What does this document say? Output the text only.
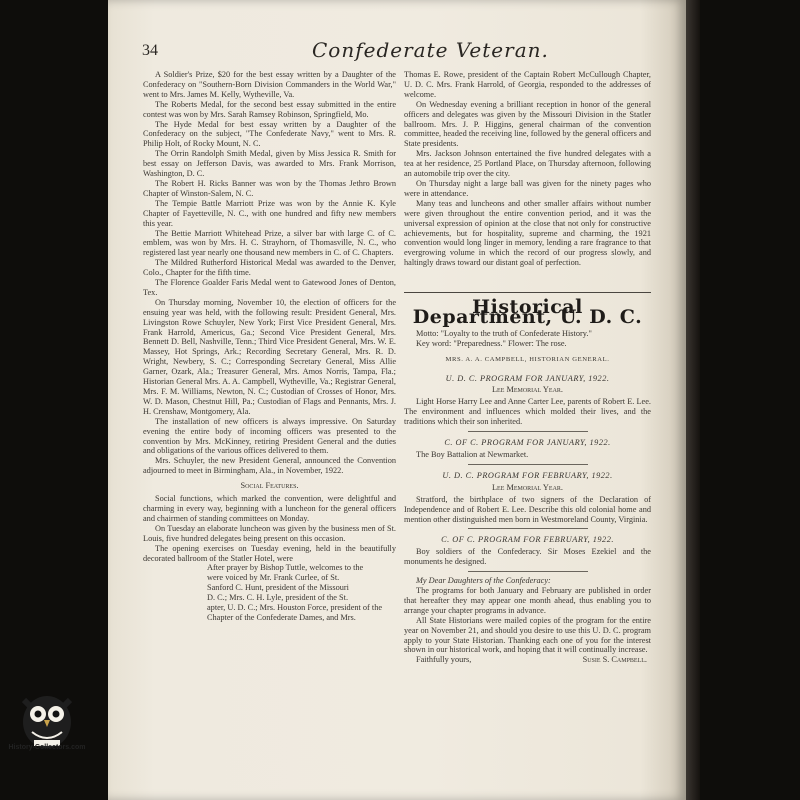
34	Confederate Veteran.

A Soldier's Prize, $20 for the best essay written by a Daughter of the Confederacy on "Southern-Born Division Commanders in the World War," went to Mrs. James M. Kelly, Wytheville, Va.

The Roberts Medal, for the second best essay submitted in the entire contest was won by Mrs. Sarah Ramsey Robinson, Springfield, Mo.

The Hyde Medal for best essay written by a Daughter of the Confederacy on the subject, "The Confederate Navy," went to Mrs. R. Philip Holt, of Rocky Mount, N. C.

The Orrin Randolph Smith Medal, given by Miss Jessica R. Smith for best essay on Jefferson Davis, was awarded to Mrs. Frank Morrison, Washington, D. C.

The Robert H. Ricks Banner was won by the Thomas Jethro Brown Chapter of Winston-Salem, N. C.

The Tempie Battle Marriott Prize was won by the Annie K. Kyle Chapter of Fayetteville, N. C., with one hundred and fifty new members this year.

The Bettie Marriott Whitehead Prize, a silver bar with large C. of C. emblem, was won by Mrs. H. C. Strayhorn, of Thomasville, N. C., who registered last year nearly one thousand new members in C. of C. Chapters.

The Mildred Rutherford Historical Medal was awarded to the Denver, Colo., Chapter for the fifth time.

The Florence Goalder Faris Medal went to Gatewood Jones of Denton, Tex.

On Thursday morning, November 10, the election of officers for the ensuing year was held, with the following result: President General, Mrs. Livingston Rowe Schuyler, New York; First Vice President General, Mrs. Frank Harrold, Americus, Ga.; Second Vice President General, Mrs. Bennett D. Bell, Nashville, Tenn.; Third Vice President General, Mrs. W. E. Massey, Hot Springs, Ark.; Recording Secretary General, Mrs. R. D. Wright, Newbery, S. C.; Corresponding Secretary General, Miss Allie Garner, Ozark, Ala.; Treasurer General, Mrs. Amos Norris, Tampa, Fla.; Historian General Mrs. A. A. Campbell, Wytheville, Va.; Registrar General, Mrs. F. M. Williams, Newton, N. C.; Custodian of Crosses of Honor, Mrs. W. D. Mason, Chestnut Hill, Pa.; Custodian of Flags and Pennants, Mrs. J. H. Crenshaw, Montgomery, Ala.

The installation of new officers is always impressive. On Saturday evening the entire body of incoming officers was presented to the convention by Mrs. McKinney, retiring President General and the duties and obligations of the various offices delivered to them.

Mrs. Schuyler, the new President General, announced the Convention adjourned to meet in Birmingham, Ala., in November, 1922.

Social Features.

Social functions, which marked the convention, were delightful and charming in every way, beginning with a luncheon for the general officers and chairmen of standing committees on Monday.

On Tuesday an elaborate luncheon was given by the business men of St. Louis, five hundred delegates being present on this occasion.

The opening exercises on Tuesday evening, held in the beautifully decorated ballroom of the Statler Hotel, were

After prayer by Bishop Tuttle, welcomes to the
were voiced by Mr. Frank Curlee, of St.
Sanford C. Hunt, president of the Missouri
D. C.; Mrs. C. H. Lyle, president of the St.
apter, U. D. C.; Mrs. Houston Force, president of the
Chapter of the Confederate Dames, and Mrs.

Thomas E. Rowe, president of the Captain Robert McCullough Chapter, U. D. C. Mrs. Frank Harrold, of Georgia, responded to the addresses of welcome.

On Wednesday evening a brilliant reception in honor of the general officers and delegates was given by the Missouri Division in the Statler ballroom. Mrs. J. P. Higgins, general chairman of the convention committee, headed the receiving line, followed by the general officers and State presidents.

Mrs. Jackson Johnson entertained the five hundred delegates with a tea at her residence, 25 Portland Place, on Thursday afternoon, following an automobile trip over the city.

On Thursday night a large ball was given for the ninety pages who were in attendance.

Many teas and luncheons and other smaller affairs without number were given throughout the entire convention period, and it was the universal expression of opinion at the close that not only for constructive achievements, but for hospitality, supreme and charming, the 1921 convention would long linger in memory, lending a rare fragrance to that evergrowing volume in which the record of our progress slowly, and haltingly draws toward our distant goal of perfection.

Historical Department, U. D. C.

Motto: "Loyalty to the truth of Confederate History."

Key word: "Preparedness." Flower: The rose.

MRS. A. A. CAMPBELL, HISTORIAN GENERAL.
U. D. C. PROGRAM FOR JANUARY, 1922.
Lee Memorial Year.

Light Horse Harry Lee and Anne Carter Lee, parents of Robert E. Lee. The environment and influences which molded their lives, and the traditions which their son inherited.

C. OF C. PROGRAM FOR JANUARY, 1922.

The Boy Battalion at Newmarket.

U. D. C. PROGRAM FOR FEBRUARY, 1922.
Lee Memorial Year.

Stratford, the birthplace of two signers of the Declaration of Independence and of Robert E. Lee. Describe this old colonial home and mention other distinguished men born in Westmoreland County, Virginia.

C. OF C. PROGRAM FOR FEBRUARY, 1922.

Boy soldiers of the Confederacy. Sir Moses Ezekiel and the monuments he designed.

My Dear Daughters of the Confederacy:

The programs for both January and February are published in order that hereafter they may appear one month ahead, thus enabling you to arrange your chapter programs in advance.

All State Historians were mailed copies of the program for the entire year on November 21, and should you desire to use this U. D. C. program apply to your State Historian. Thanking each one of you for the interest shown in our historical work, and hoping that it will continually increase.

Faithfully yours,	Susie S. Campbell.
History-Collectors.com
